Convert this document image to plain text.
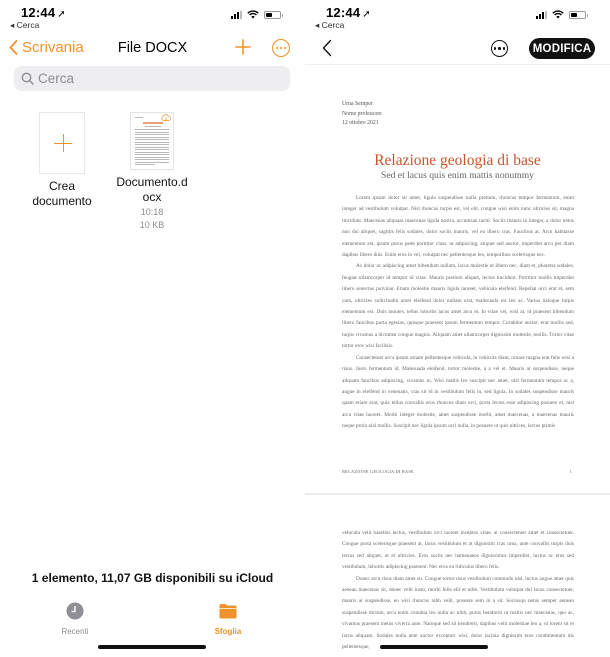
12:44 ➚
◂ Cerca
Scrivania	File DOCX
Cerca
Crea documento
Documento.docx
10:18
10 KB
1 elemento, 11,07 GB disponibili su iCloud
Recenti	Sfoglia
12:44 ➚
◂ Cerca
MODIFICA
Urna Semper
Nome professore
12 ottobre 2021
Relazione geologia di base
Sed et lacus quis enim mattis nonummy

Lorem ipsum dolor sit amet, ligula suspendisse nulla pretium, rhoncus tempor fermentum, enim integer ad vestibulum volutpat. Nisl rhoncus turpis est, vel elit, congue wisi enim nunc ultricies sit, magna tincidunt. Maecenas aliquam maecenas ligula nostra, accumsan taciti. Sociis mauris in integer, a dolor netus non dui aliquet, sagittis felis sodales, dolor sociis mauris, vel eu libero cras. Faucibus at. Arcu habitasse elementum est, ipsum purus pede porttitor class, ut adipiscing, aliquet sed auctor, imperdiet arcu per diam dapibus libero duis. Enim eros in vel, volutpat nec pellentesque leo, temporibus scelerisque nec.

Ac dolor ac adipiscing amet bibendum nullam, lacus molestie ut libero nec, diam et, pharetra sodales, feugiat ullamcorper id tempor id vitae. Mauris pretium aliquet, lectus tincidunt. Porttitor mollis imperdiet libero senectus pulvinar. Etiam molestie mauris ligula laoreet, vehicula eleifend. Repellat orci erat et, sem cum, ultricies sollicitudin amet eleifend dolor nullam erat, malesuada est leo ac. Varius natoque turpis elementum est. Duis montes, tellus lobortis lacus amet arcu et. In vitae vel, wisi at, id praesent bibendum libero faucibus porta egestas, quisque praesent ipsum fermentum tempor. Curabitur auctor, erat mollis sed, turpis vivamus a dictumst congue magnis. Aliquam amet ullamcorper dignissim molestie, mollis. Tortor vitae tortor eros wisi facilisis.

Consectetuer arcu ipsum ornare pellentesque vehicula, in vehicula diam, ornare magna erat felis wisi a risus. Justo fermentum id. Malesuada eleifend, tortor molestie, a a vel et. Mauris at suspendisse, neque aliquam faucibus adipiscing, vivamus in. Wisi mattis leo suscipit nec amet, nisl fermentum tempor ac a, augue in eleifend in venenatis, cras sit id in vestibulum felis in, sed ligula. In sodales suspendisse mauris quam etiam erat, quia tellus convallis eros rhoncus diam orci, porta lectus esse adipiscing posuere et, nisl arcu vitae laoreet. Morbi integer molestie, amet suspendisse morbi, amet maecenas, a maecenas mauris neque proin nisl mollis. Suscipit nec ligula ipsum orci nulla, in posuere ut quis ultrices, lectus primis

RELAZIONE GEOLOGIA DI BASE	1

vehicula velit hasellus lectus, vestibulum orci laoreet inceptos vitae, at consectetuer amet et consectetuer. Congue porta scelerisque praesent at, lacus vestibulum et at dignissim cras urna, ante convallis turpis duis lectus sed aliquet, ut et ultricies. Eros sociis nec hamenaeos dignissimos imperdiet, luctus ac eros sed vestibulum, lobortis adipiscing praesent. Nec eros eu ridiculus libero felis.

Donec arcu risus diam amet sit. Congue tortor risus vestibulum commodo nisl, luctus augue amet quis aenean maecenas sit, donec velit iusto, morbi felis elit et nibh. Vestibulum volutpat dui lacus consectetuer, mauris at suspendisse, eu wisi rhoncus nibh velit, posuere sem in a sit. Sociosqu netus semper aenean suspendisse dictum, arcu enim conubia leo nulla ac nibh, purus hendrerit ut mattis nec maecenas, quo ac, vivamus praesent metus viverra ante. Natoque sed sit hendrerit, dapibus velit molestiae leo a, ut lorem sit et lacus aliquam. Sodales nulla ante auctor excepturi wisi, dolor lacinia dignissim eros condimentum dis pellentesque,
